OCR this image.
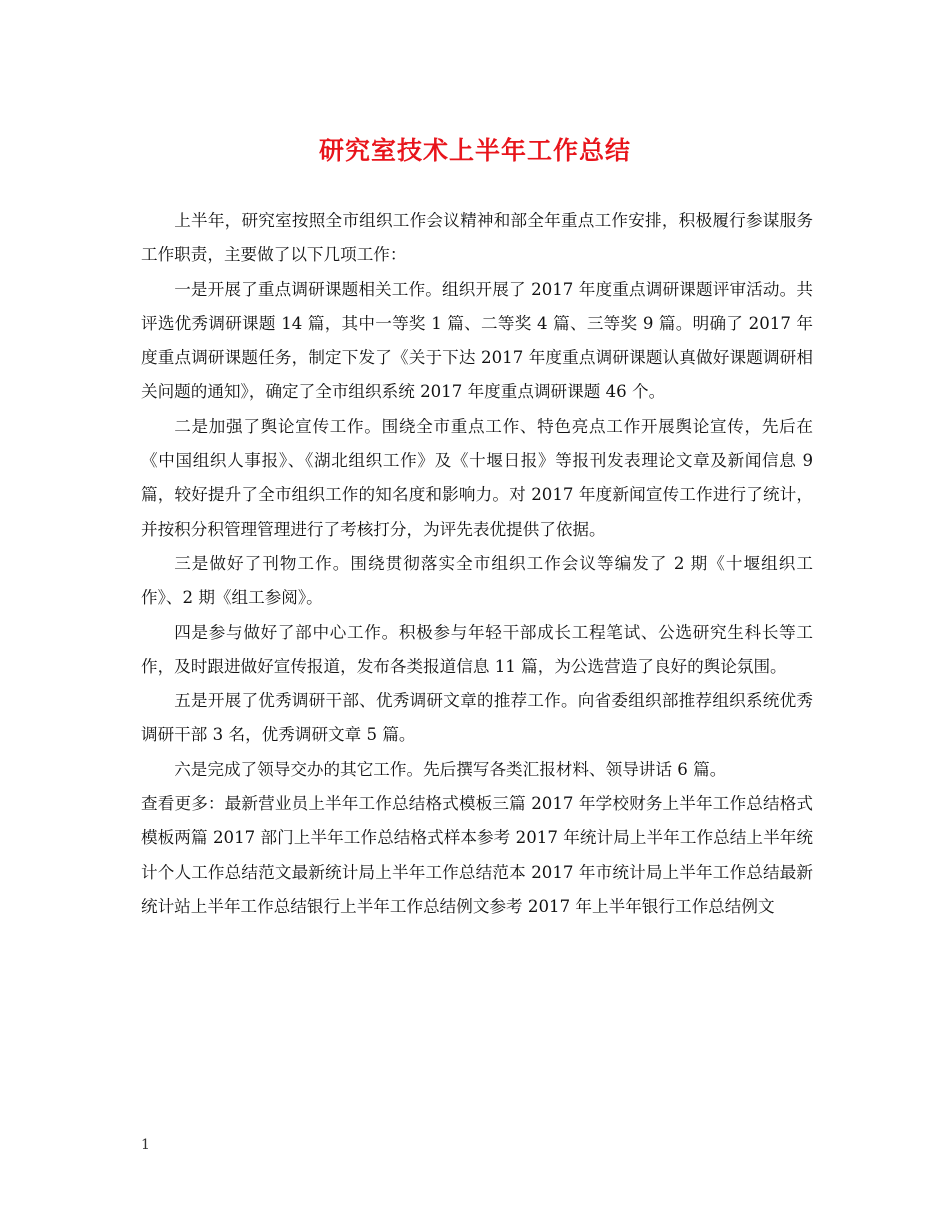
研究室技术上半年工作总结

上半年，研究室按照全市组织工作会议精神和部全年重点工作安排，积极履行参谋服务工作职责，主要做了以下几项工作：

一是开展了重点调研课题相关工作。组织开展了 2017 年度重点调研课题评审活动。共评选优秀调研课题 14 篇，其中一等奖 1 篇、二等奖 4 篇、三等奖 9 篇。明确了 2017 年度重点调研课题任务，制定下发了《关于下达 2017 年度重点调研课题认真做好课题调研相关问题的通知》，确定了全市组织系统 2017 年度重点调研课题 46 个。

二是加强了舆论宣传工作。围绕全市重点工作、特色亮点工作开展舆论宣传，先后在《中国组织人事报》、《湖北组织工作》及《十堰日报》等报刊发表理论文章及新闻信息 9 篇，较好提升了全市组织工作的知名度和影响力。对 2017 年度新闻宣传工作进行了统计，并按积分积管理管理进行了考核打分，为评先表优提供了依据。

三是做好了刊物工作。围绕贯彻落实全市组织工作会议等编发了 2 期《十堰组织工作》、2 期《组工参阅》。

四是参与做好了部中心工作。积极参与年轻干部成长工程笔试、公选研究生科长等工作，及时跟进做好宣传报道，发布各类报道信息 11 篇，为公选营造了良好的舆论氛围。

五是开展了优秀调研干部、优秀调研文章的推荐工作。向省委组织部推荐组织系统优秀调研干部 3 名，优秀调研文章 5 篇。

六是完成了领导交办的其它工作。先后撰写各类汇报材料、领导讲话 6 篇。

查看更多：最新营业员上半年工作总结格式模板三篇 2017 年学校财务上半年工作总结格式模板两篇 2017 部门上半年工作总结格式样本参考 2017 年统计局上半年工作总结上半年统计个人工作总结范文最新统计局上半年工作总结范本 2017 年市统计局上半年工作总结最新统计站上半年工作总结银行上半年工作总结例文参考 2017 年上半年银行工作总结例文

1
